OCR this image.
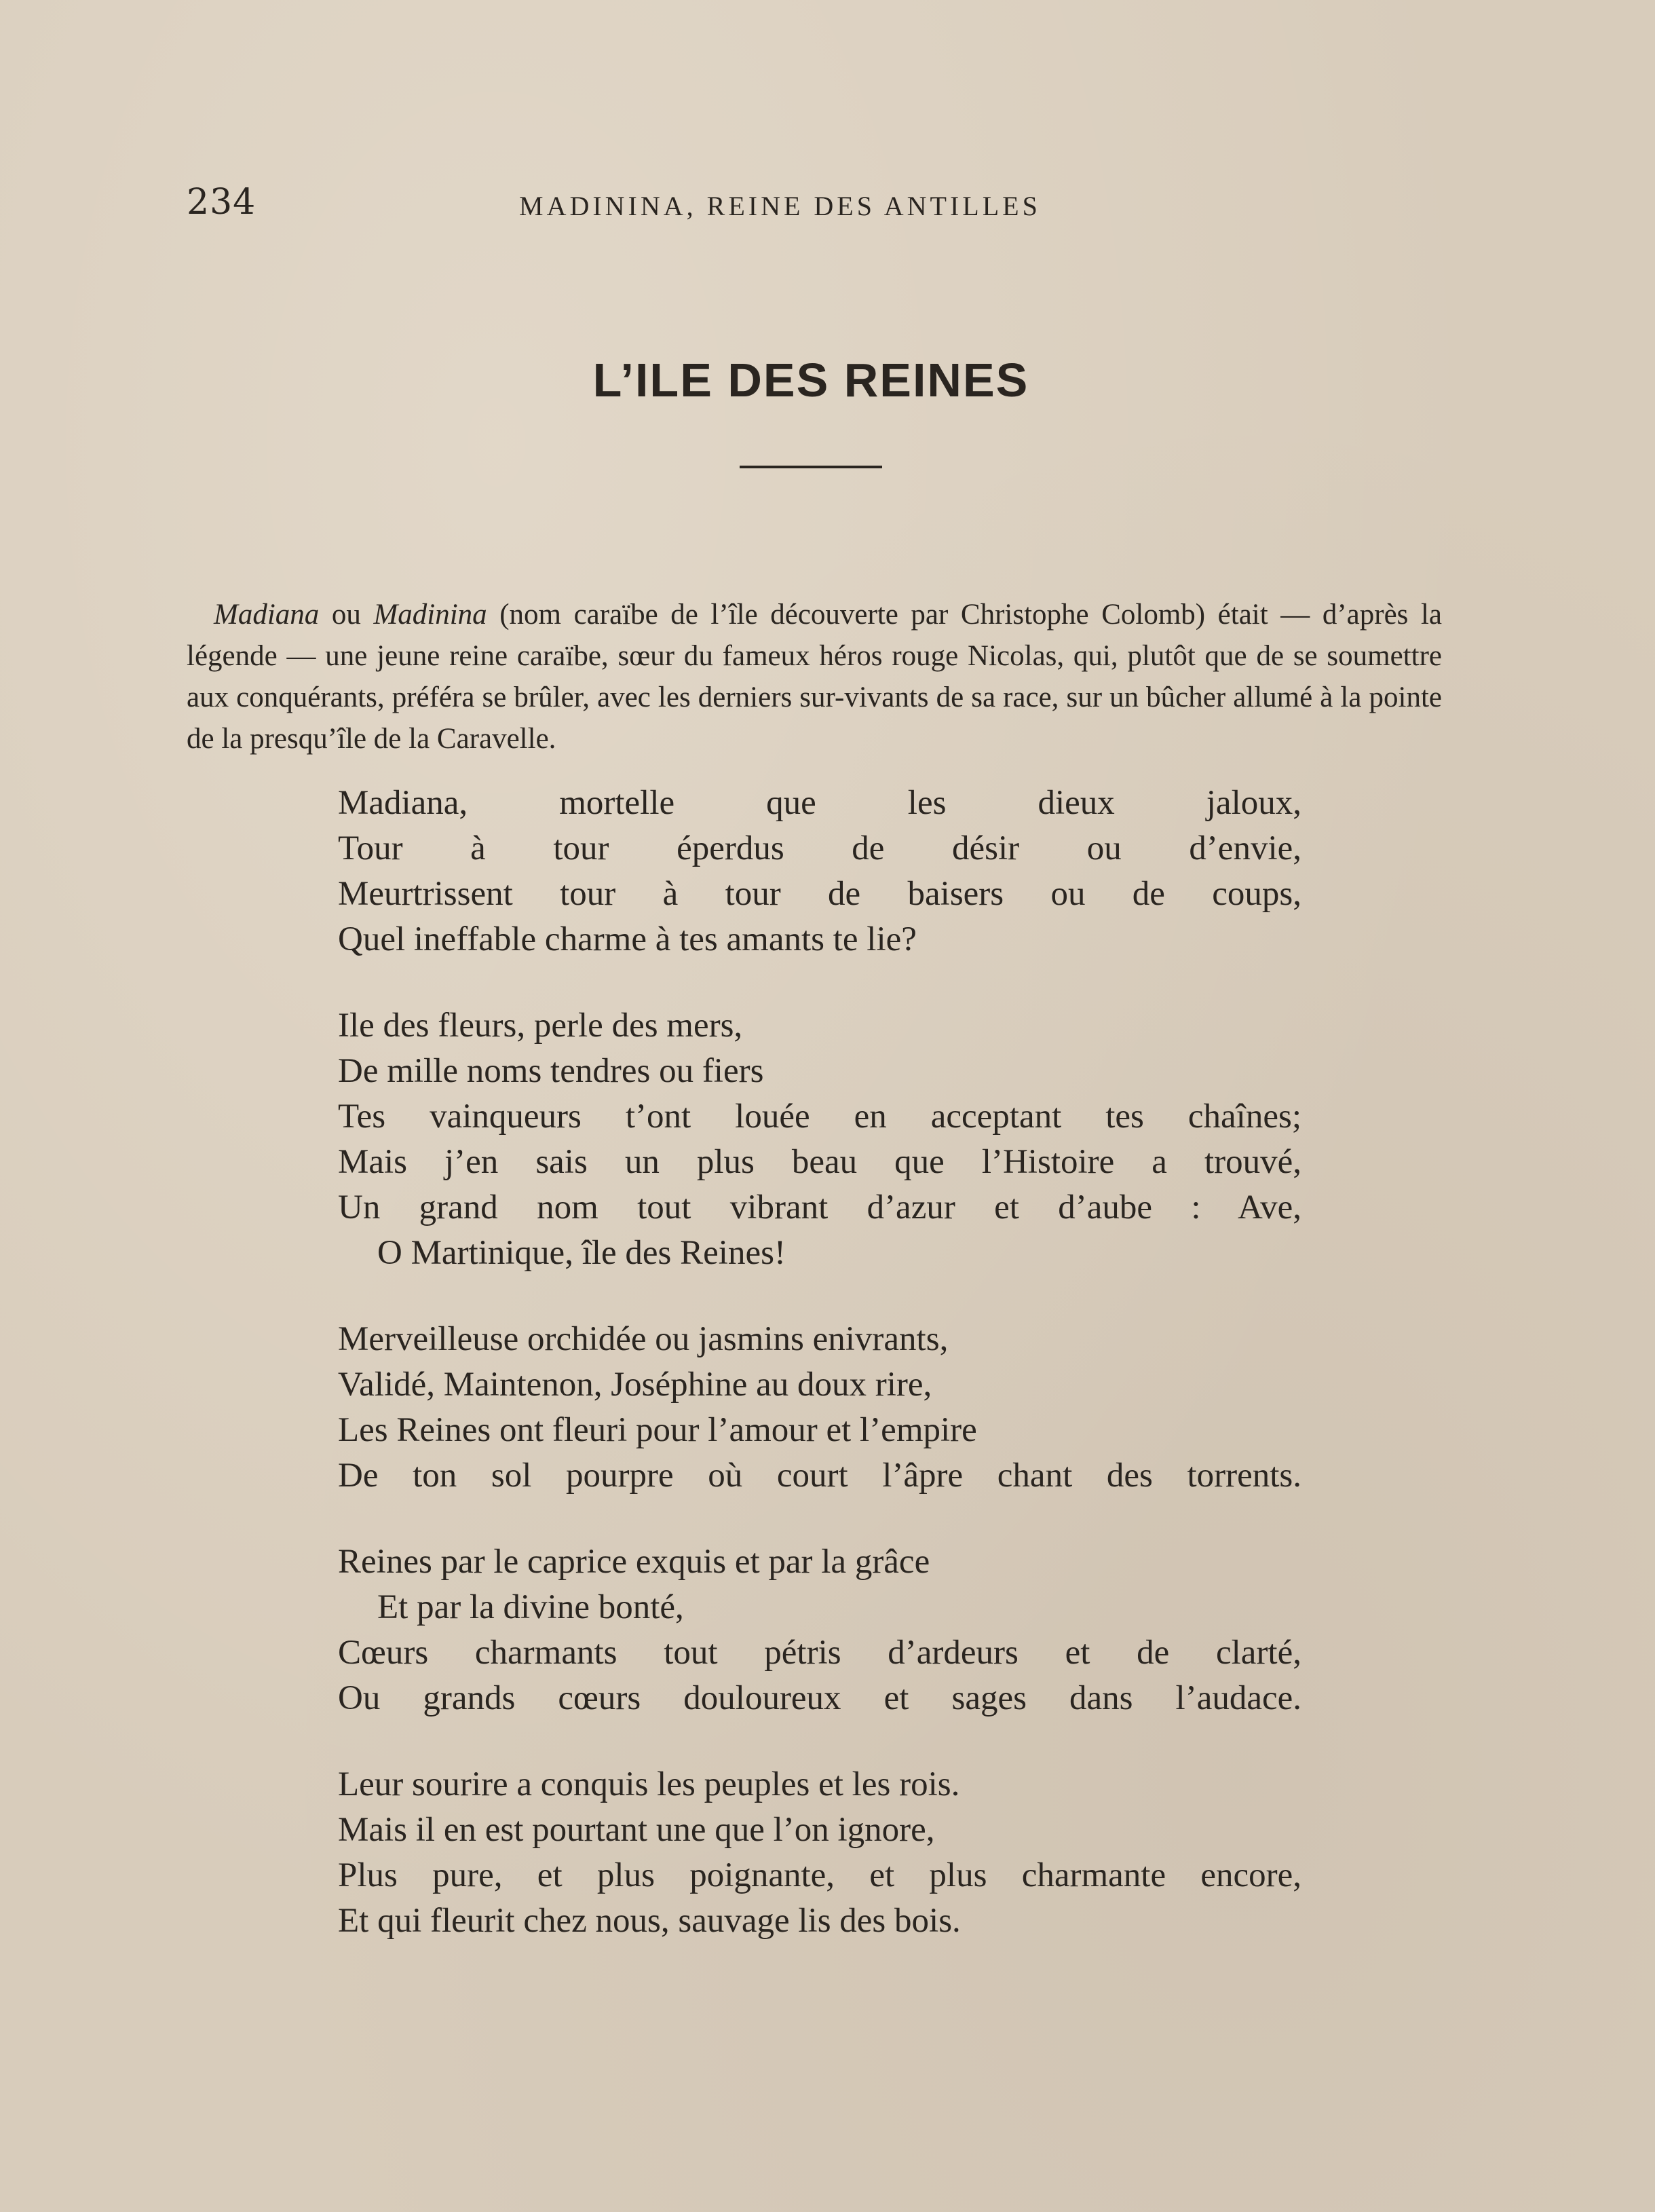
234	MADININA, REINE DES ANTILLES
L’ILE DES REINES

Madiana ou Madinina (nom caraïbe de l’île découverte par Christophe Colomb) était — d’après la légende — une jeune reine caraïbe, sœur du fameux héros rouge Nicolas, qui, plutôt que de se soumettre aux conquérants, préféra se brûler, avec les derniers sur-vivants de sa race, sur un bûcher allumé à la pointe de la presqu’île de la Caravelle.

Madiana, mortelle que les dieux jaloux,
Tour à tour éperdus de désir ou d’envie,
Meurtrissent tour à tour de baisers ou de coups,
Quel ineffable charme à tes amants te lie?
Ile des fleurs, perle des mers,
De mille noms tendres ou fiers
Tes vainqueurs t’ont louée en acceptant tes chaînes;
Mais j’en sais un plus beau que l’Histoire a trouvé,
Un grand nom tout vibrant d’azur et d’aube : Ave,
O Martinique, île des Reines!
Merveilleuse orchidée ou jasmins enivrants,
Validé, Maintenon, Joséphine au doux rire,
Les Reines ont fleuri pour l’amour et l’empire
De ton sol pourpre où court l’âpre chant des torrents.
Reines par le caprice exquis et par la grâce
Et par la divine bonté,
Cœurs charmants tout pétris d’ardeurs et de clarté,
Ou grands cœurs douloureux et sages dans l’audace.
Leur sourire a conquis les peuples et les rois.
Mais il en est pourtant une que l’on ignore,
Plus pure, et plus poignante, et plus charmante encore,
Et qui fleurit chez nous, sauvage lis des bois.
